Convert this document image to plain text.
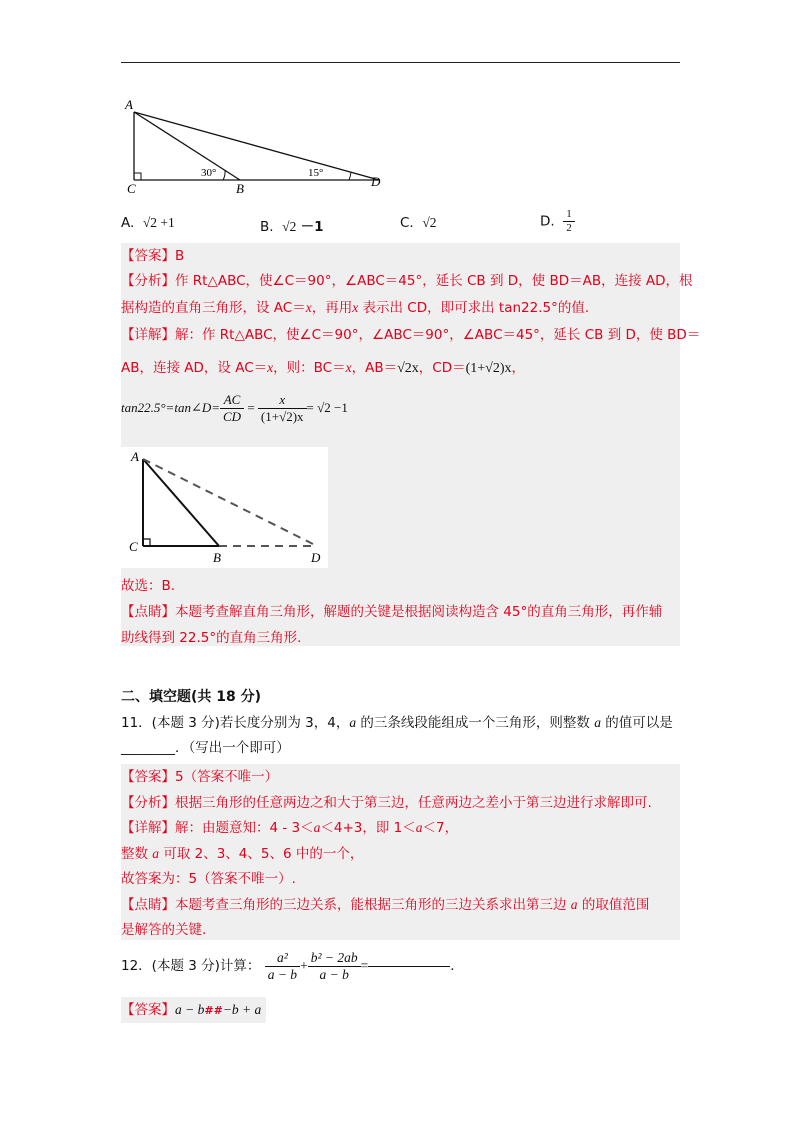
A
C	B	D
30°	15°
A. √2 +1	B. √2 －1	C. √2	D. $\frac{1}{2}$
【答案】B
【分析】作 Rt△ABC，使∠C＝90°，∠ABC＝45°，延长 CB 到 D，使 BD＝AB，连接 AD，根
据构造的直角三角形，设 AC＝x，再用x 表示出 CD，即可求出 tan22.5°的值.
【详解】解：作 Rt△ABC，使∠C＝90°，∠ABC＝90°，∠ABC＝45°，延长 CB 到 D，使 BD＝
AB，连接 AD，设 AC＝x，则：BC＝x，AB＝√2x，CD＝(1+√2)x，
tan22.5°=tan∠D= $\frac{AC}{CD} = \frac{x}{(1+√2)x} = √2 -1$
A
C
B	D
故选：B.
【点睛】本题考查解直角三角形，解题的关键是根据阅读构造含 45°的直角三角形，再作辅
助线得到 22.5°的直角三角形.
二、填空题(共 18 分)
11．(本题 3 分)若长度分别为 3，4，a 的三条线段能组成一个三角形，则整数 a 的值可以是
________．（写出一个即可）
【答案】5（答案不唯一）
【分析】根据三角形的任意两边之和大于第三边，任意两边之差小于第三边进行求解即可.
【详解】解：由题意知：4 - 3＜a＜4+3，即 1＜a＜7，
整数 a 可取 2、3、4、5、6 中的一个，
故答案为：5（答案不唯一）.
【点睛】本题考查三角形的三边关系，能根据三角形的三边关系求出第三边 a 的取值范围
是解答的关键.
12．(本题 3 分)计算： $\frac{\text{a²}}{a - b} + \frac{\text{b² − 2ab}}{a - b}$ =	.
【答案】a − b##−b + a
